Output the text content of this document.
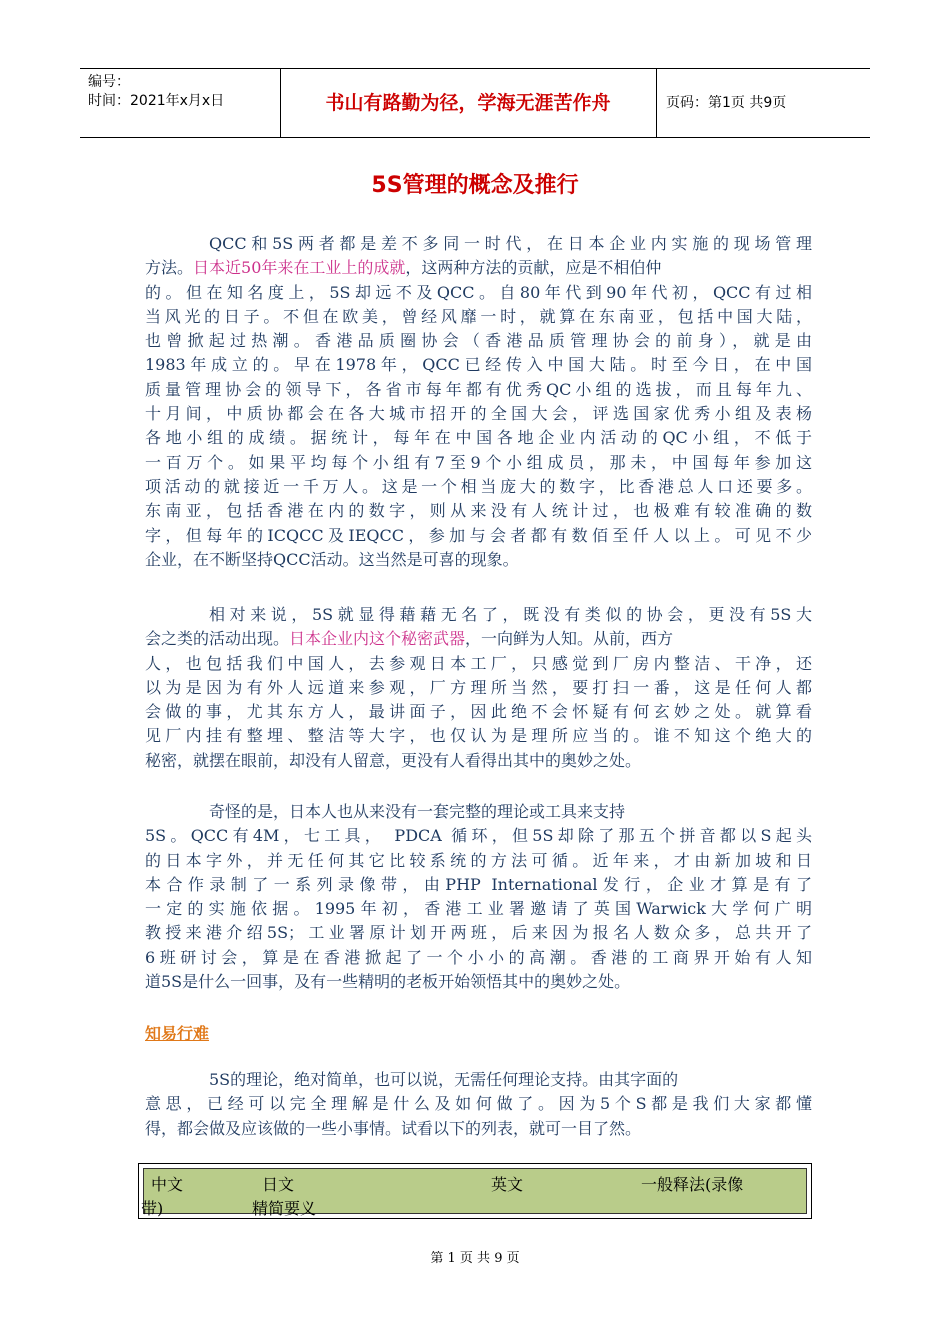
编号：
时间：2021年x月x日	书山有路勤为径，学海无涯苦作舟	页码：第1页 共9页
5S管理的概念及推行
QCC和5S两者都是差不多同一时代，在日本企业内实施的现场管理
方法。日本近50年来在工业上的成就，这两种方法的贡献，应是不相伯仲
的。但在知名度上，5S却远不及QCC。自80年代到90年代初，QCC有过相
当风光的日子。不但在欧美，曾经风靡一时，就算在东南亚，包括中国大陆，
也曾掀起过热潮。香港品质圈协会（香港品质管理协会的前身），就是由
1983年成立的。早在1978年，QCC已经传入中国大陆。时至今日，在中国
质量管理协会的领导下，各省市每年都有优秀QC小组的选拔，而且每年九、
十月间，中质协都会在各大城市招开的全国大会，评选国家优秀小组及表杨
各地小组的成绩。据统计，每年在中国各地企业内活动的QC小组，不低于
一百万个。如果平均每个小组有7至9个小组成员，那未，中国每年参加这
项活动的就接近一千万人。这是一个相当庞大的数字，比香港总人口还要多。
东南亚，包括香港在内的数字，则从来没有人统计过，也极难有较准确的数
字，但每年的ICQCC及IEQCC，参加与会者都有数佰至仟人以上。可见不少
企业，在不断坚持QCC活动。这当然是可喜的现象。
相对来说，5S就显得藉藉无名了，既没有类似的协会，更没有5S大
会之类的活动出现。日本企业内这个秘密武器，一向鲜为人知。从前，西方
人，也包括我们中国人，去参观日本工厂，只感觉到厂房内整洁、干净，还
以为是因为有外人远道来参观，厂方理所当然，要打扫一番，这是任何人都
会做的事，尤其东方人，最讲面子，因此绝不会怀疑有何玄妙之处。就算看
见厂内挂有整埋、整洁等大字，也仅认为是理所应当的。谁不知这个绝大的
秘密，就摆在眼前，却没有人留意，更没有人看得出其中的奥妙之处。
奇怪的是，日本人也从来没有一套完整的理论或工具来支持
5S。QCC有4M，七工具， PDCA 循环，但5S却除了那五个拼音都以S起头
的日本字外，并无任何其它比较系统的方法可循。近年来，才由新加坡和日
本合作录制了一系列录像带，由PHP International发行，企业才算是有了
一定的实施依据。1995年初，香港工业署邀请了英国Warwick大学何广明
教授来港介绍5S；工业署原计划开两班，后来因为报名人数众多，总共开了
6班研讨会，算是在香港掀起了一个小小的高潮。香港的工商界开始有人知
道5S是什么一回事，及有一些精明的老板开始领悟其中的奥妙之处。
知易行难
5S的理论，绝对简单，也可以说，无需任何理论支持。由其字面的
意思，已经可以完全理解是什么及如何做了。因为5个S都是我们大家都懂
得，都会做及应该做的一些小事情。试看以下的列表，就可一目了然。
中文	日文	英文	一般释法(录像
带)	精简要义
第 1 页 共 9 页
